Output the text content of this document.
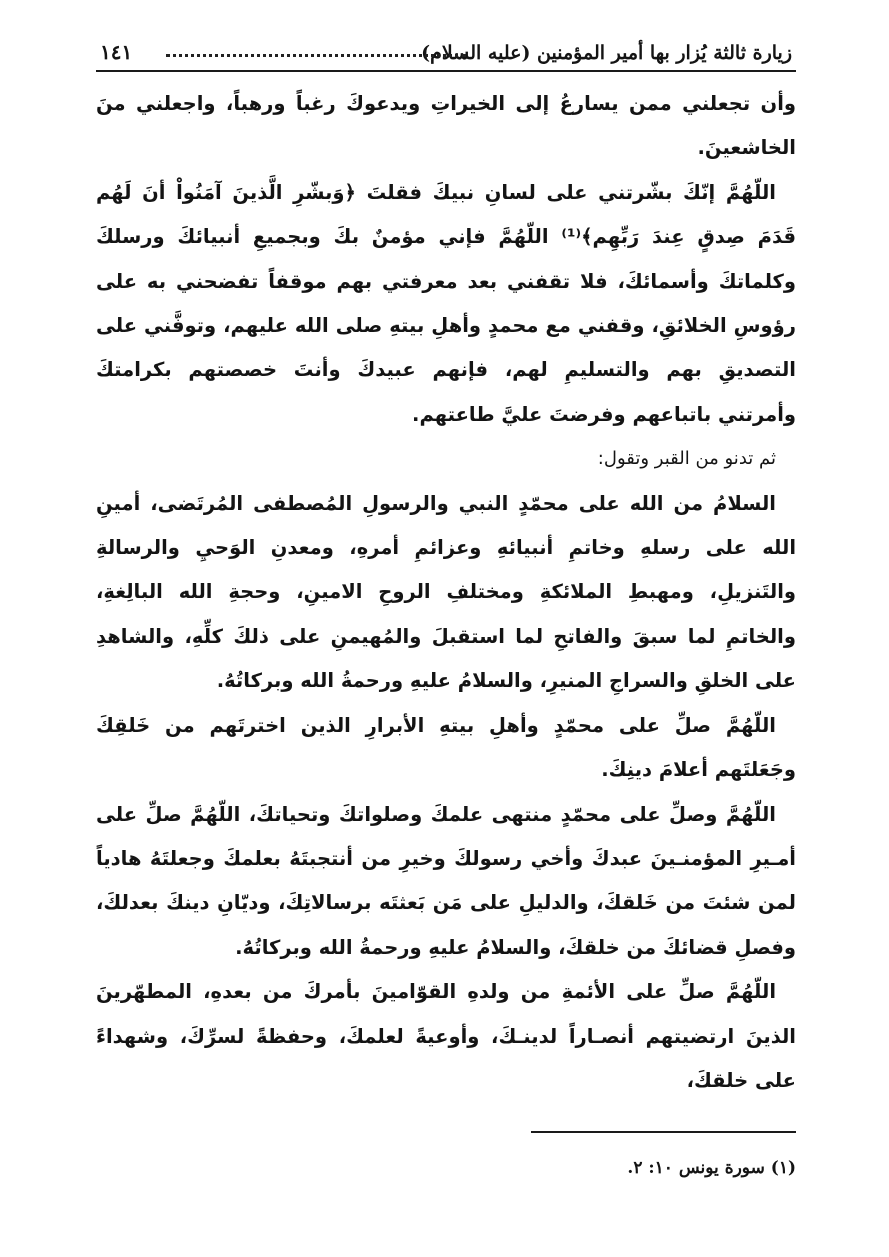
زيارة ثالثة يُزار بها أمير المؤمنين (عليه السلام)
١٤١

وأن تجعلني ممن يسارعُ إلى الخيراتِ ويدعوكَ رغباً ورهباً، واجعلني منَ الخاشعينَ.

اللّهُمَّ إنّكَ بشّرتني على لسانِ نبيكَ فقلتَ ﴿وَبشّرِ الَّذينَ آمَنُواْ أنَ لَهُم قَدَمَ صِدقٍ عِندَ رَبِّهِم﴾⁽¹⁾ اللّهُمَّ فإني مؤمنٌ بكَ وبجميعِ أنبيائكَ ورسلكَ وكلماتكَ وأسمائكَ، فلا تقفني بعد معرفتي بهم موقفاً تفضحني به على رؤوسِ الخلائقِ، وقفني مع محمدٍ وأهلِ بيتهِ صلى الله عليهم، وتوفَّني على التصديقِ بهم والتسليمِ لهم، فإنهم عبيدكَ وأنتَ خصصتهم بكرامتكَ وأمرتني باتباعهم وفرضتَ عليَّ طاعتهم.

ثم تدنو من القبر وتقول:

السلامُ من الله على محمّدٍ النبي والرسولِ المُصطفى المُرتَضى، أمينِ الله على رسلهِ وخاتمِ أنبيائهِ وعزائمِ أمرهِ، ومعدنِ الوَحيِ والرسالةِ والتَنزيلِ، ومهبطِ الملائكةِ ومختلفِ الروحِ الامينِ، وحجةِ الله البالِغةِ، والخاتمِ لما سبقَ والفاتحِ لما استقبلَ والمُهيمنِ على ذلكَ كلِّهِ، والشاهدِ على الخلقِ والسراجِ المنيرِ، والسلامُ عليهِ ورحمةُ الله وبركاتُهُ.

اللّهُمَّ صلِّ على محمّدٍ وأهلِ بيتهِ الأبرارِ الذين اخترتَهم من خَلقِكَ وجَعَلتَهم أعلامَ دينِكَ.

اللّهُمَّ وصلِّ على محمّدٍ منتهى علمكَ وصلواتكَ وتحياتكَ، اللّهُمَّ صلِّ على أمـيرِ المؤمنـينَ عبدكَ وأخي رسولكَ وخيرِ من أنتجبتَهُ بعلمكَ وجعلتَهُ هادياً لمن شئتَ من خَلقكَ، والدليلِ على مَن بَعثتَه برسالاتِكَ، وديّانِ دينكَ بعدلكَ، وفصلِ قضائكَ من خلقكَ، والسلامُ عليهِ ورحمةُ الله وبركاتُهُ.

اللّهُمَّ صلِّ على الأئمةِ من ولدهِ القوّامينَ بأمركَ من بعدهِ، المطهّرينَ الذينَ ارتضيتهم أنصـاراً لدينـكَ، وأوعيةً لعلمكَ، وحفظةً لسرِّكَ، وشهداءً على خلقكَ،

(١) سورة يونس ١٠: ٢.
